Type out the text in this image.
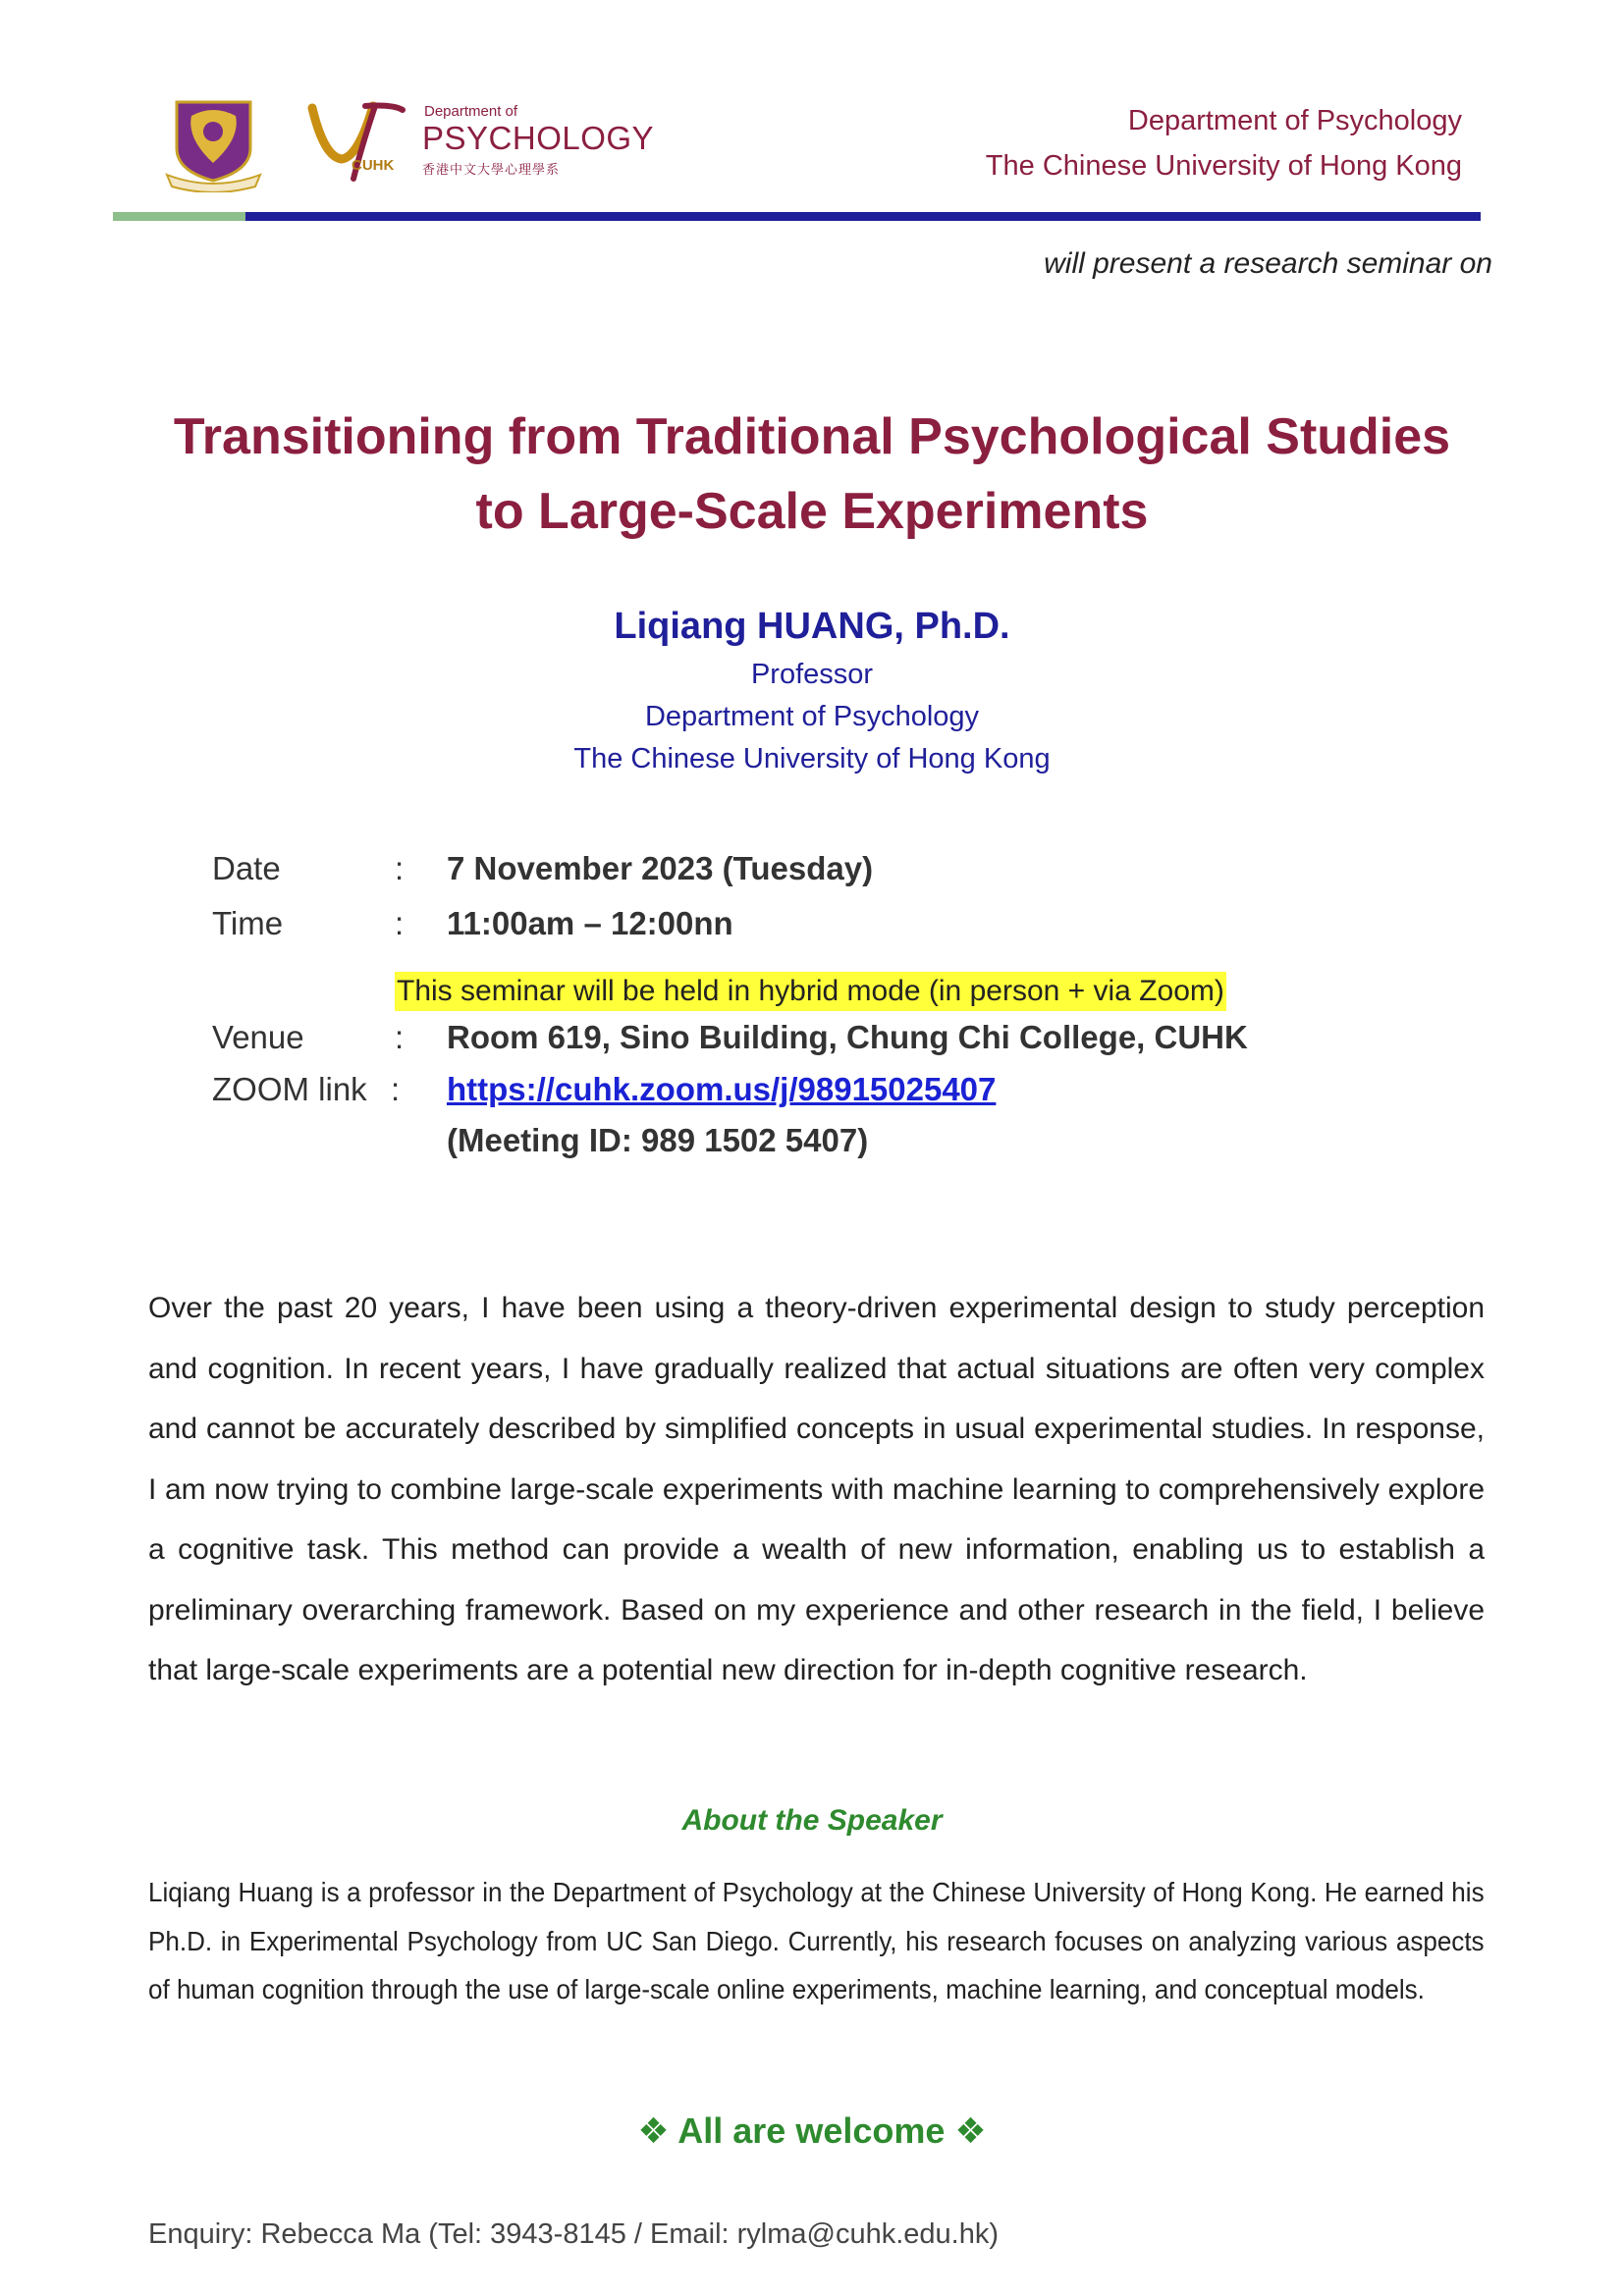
Department of
PSYCHOLOGY
CUHK 香港中文大學心理學系
Department of Psychology
The Chinese University of Hong Kong
will present a research seminar on
Transitioning from Traditional Psychological Studies
to Large-Scale Experiments
Liqiang HUANG, Ph.D.
Professor
Department of Psychology
The Chinese University of Hong Kong
Date	: 7 November 2023 (Tuesday)
Time	: 11:00am – 12:00nn
This seminar will be held in hybrid mode (in person + via Zoom)
Venue	: Room 619, Sino Building, Chung Chi College, CUHK
ZOOM link : https://cuhk.zoom.us/j/98915025407
(Meeting ID: 989 1502 5407)

Over the past 20 years, I have been using a theory-driven experimental design to study perception and cognition. In recent years, I have gradually realized that actual situations are often very complex and cannot be accurately described by simplified concepts in usual experimental studies. In response, I am now trying to combine large-scale experiments with machine learning to comprehensively explore a cognitive task. This method can provide a wealth of new information, enabling us to establish a preliminary overarching framework. Based on my experience and other research in the field, I believe that large-scale experiments are a potential new direction for in-depth cognitive research.

About the Speaker

Liqiang Huang is a professor in the Department of Psychology at the Chinese University of Hong Kong. He earned his Ph.D. in Experimental Psychology from UC San Diego. Currently, his research focuses on analyzing various aspects of human cognition through the use of large-scale online experiments, machine learning, and conceptual models.

❖ All are welcome ❖
Enquiry: Rebecca Ma (Tel: 3943-8145 / Email: rylma@cuhk.edu.hk)
